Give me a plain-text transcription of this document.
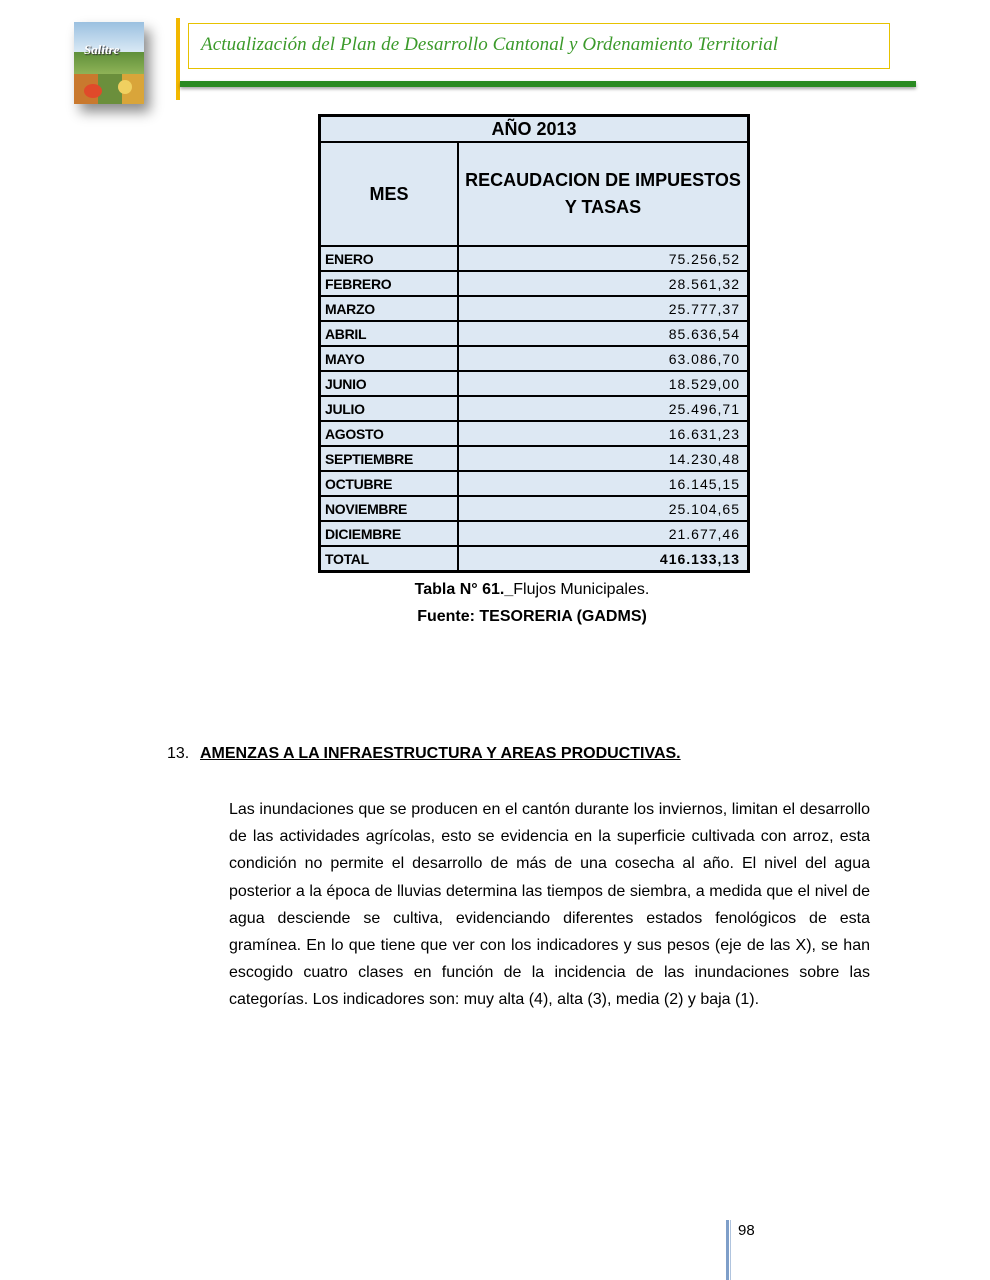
Salitre	Actualización del Plan de Desarrollo Cantonal y Ordenamiento Territorial
AÑO 2013	
MES	RECAUDACION DE IMPUESTOS Y TASAS
ENERO	75.256,52
FEBRERO	28.561,32
MARZO	25.777,37
ABRIL	85.636,54
MAYO	63.086,70
JUNIO	18.529,00
JULIO	25.496,71
AGOSTO	16.631,23
SEPTIEMBRE	14.230,48
OCTUBRE	16.145,15
NOVIEMBRE	25.104,65
DICIEMBRE	21.677,46
TOTAL	416.133,13
Tabla N° 61._Flujos Municipales.
Fuente: TESORERIA (GADMS)
13. AMENZAS A LA INFRAESTRUCTURA Y AREAS PRODUCTIVAS.
Las inundaciones que se producen en el cantón durante los inviernos, limitan el desarrollo de las actividades agrícolas, esto se evidencia en la superficie cultivada con arroz, esta condición no permite el desarrollo de más de una cosecha al año. El nivel del agua posterior a la época de lluvias determina las tiempos de siembra, a medida que el nivel de agua desciende se cultiva, evidenciando diferentes estados fenológicos de esta gramínea. En lo que tiene que ver con los indicadores y sus pesos (eje de las X), se han escogido cuatro clases en función de la incidencia de las inundaciones sobre las categorías. Los indicadores son: muy alta (4), alta (3), media (2) y baja (1).
98
